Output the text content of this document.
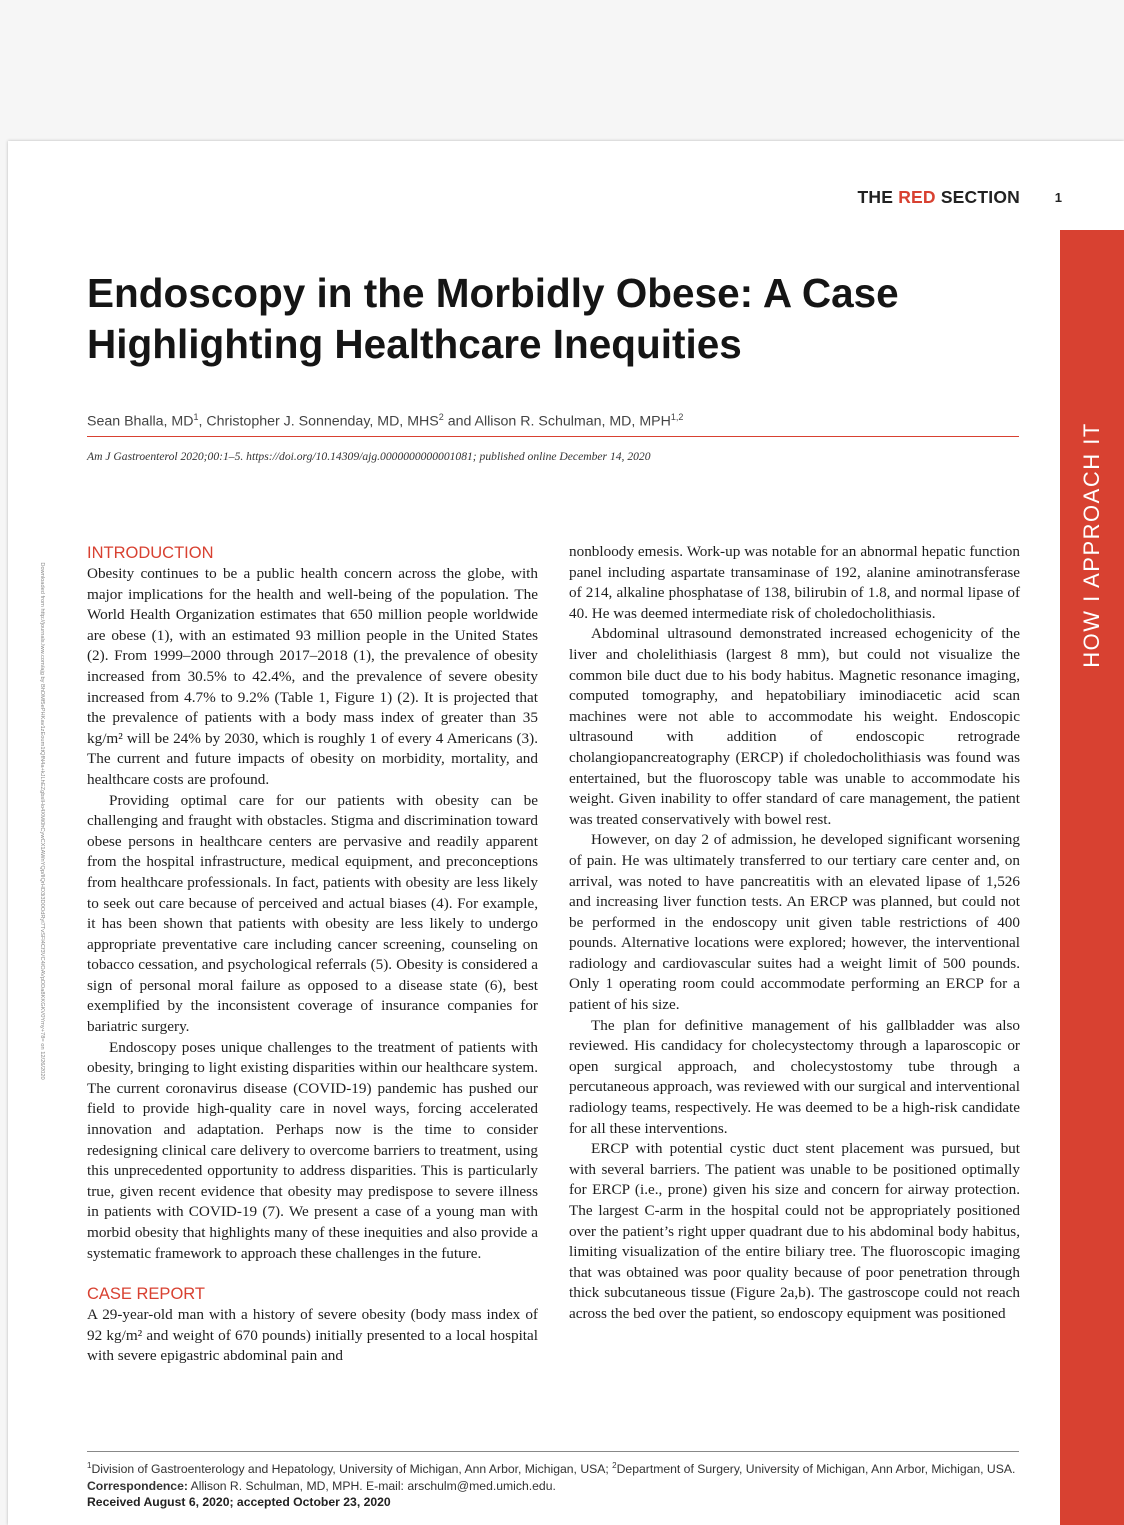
THE RED SECTION	1
HOW I APPROACH IT
Endoscopy in the Morbidly Obese: A Case Highlighting Healthcare Inequities
Sean Bhalla, $MD^1$, Christopher J. Sonnenday, MD, MHS$^2$ and Allison R. Schulman, MD, MPH$^{1,2}$
Am J Gastroenterol 2020;00:1–5. https://doi.org/10.14309/ajg.0000000000001081; published online December 14, 2020
Downloaded from http://journals.lww.com/ajg by BhDMf5ePHKav1zEoum1tQfN4a+kJLhEZgbsIHo4XMi0hCywCX1AWnYQp/IlQrHD3i3D0OdRyi7TvSFl4Cf3VC4/OAVpDDa8KKGKV0Ymy+78= on 12/26/2020
INTRODUCTION

Obesity continues to be a public health concern across the globe, with major implications for the health and well-being of the population. The World Health Organization estimates that 650 million people worldwide are obese (1), with an estimated 93 million people in the United States (2). From 1999–2000 through 2017–2018 (1), the prevalence of obesity increased from 30.5% to 42.4%, and the prevalence of severe obesity increased from 4.7% to 9.2% (Table 1, Figure 1) (2). It is projected that the prevalence of patients with a body mass index of greater than 35 kg/m² will be 24% by 2030, which is roughly 1 of every 4 Americans (3). The current and future impacts of obesity on morbidity, mortality, and healthcare costs are profound.

Providing optimal care for our patients with obesity can be challenging and fraught with obstacles. Stigma and discrimination toward obese persons in healthcare centers are pervasive and readily apparent from the hospital infrastructure, medical equipment, and preconceptions from healthcare professionals. In fact, patients with obesity are less likely to seek out care because of perceived and actual biases (4). For example, it has been shown that patients with obesity are less likely to undergo appropriate preventative care including cancer screening, counseling on tobacco cessation, and psychological referrals (5). Obesity is considered a sign of personal moral failure as opposed to a disease state (6), best exemplified by the inconsistent coverage of insurance companies for bariatric surgery.

Endoscopy poses unique challenges to the treatment of patients with obesity, bringing to light existing disparities within our healthcare system. The current coronavirus disease (COVID-19) pandemic has pushed our field to provide high-quality care in novel ways, forcing accelerated innovation and adaptation. Perhaps now is the time to consider redesigning clinical care delivery to overcome barriers to treatment, using this unprecedented opportunity to address disparities. This is particularly true, given recent evidence that obesity may predispose to severe illness in patients with COVID-19 (7). We present a case of a young man with morbid obesity that highlights many of these inequities and also provide a systematic framework to approach these challenges in the future.

CASE REPORT

A 29-year-old man with a history of severe obesity (body mass index of 92 kg/m² and weight of 670 pounds) initially presented to a local hospital with severe epigastric abdominal pain and

nonbloody emesis. Work-up was notable for an abnormal hepatic function panel including aspartate transaminase of 192, alanine aminotransferase of 214, alkaline phosphatase of 138, bilirubin of 1.8, and normal lipase of 40. He was deemed intermediate risk of choledocholithiasis.

Abdominal ultrasound demonstrated increased echogenicity of the liver and cholelithiasis (largest 8 mm), but could not visualize the common bile duct due to his body habitus. Magnetic resonance imaging, computed tomography, and hepatobiliary iminodiacetic acid scan machines were not able to accommodate his weight. Endoscopic ultrasound with addition of endoscopic retrograde cholangiopancreatography (ERCP) if choledocholithiasis was found was entertained, but the fluoroscopy table was unable to accommodate his weight. Given inability to offer standard of care management, the patient was treated conservatively with bowel rest.

However, on day 2 of admission, he developed significant worsening of pain. He was ultimately transferred to our tertiary care center and, on arrival, was noted to have pancreatitis with an elevated lipase of 1,526 and increasing liver function tests. An ERCP was planned, but could not be performed in the endoscopy unit given table restrictions of 400 pounds. Alternative locations were explored; however, the interventional radiology and cardiovascular suites had a weight limit of 500 pounds. Only 1 operating room could accommodate performing an ERCP for a patient of his size.

The plan for definitive management of his gallbladder was also reviewed. His candidacy for cholecystectomy through a laparoscopic or open surgical approach, and cholecystostomy tube through a percutaneous approach, was reviewed with our surgical and interventional radiology teams, respectively. He was deemed to be a high-risk candidate for all these interventions.

ERCP with potential cystic duct stent placement was pursued, but with several barriers. The patient was unable to be positioned optimally for ERCP (i.e., prone) given his size and concern for airway protection. The largest C-arm in the hospital could not be appropriately positioned over the patient’s right upper quadrant due to his abdominal body habitus, limiting visualization of the entire biliary tree. The fluoroscopic imaging that was obtained was poor quality because of poor penetration through thick subcutaneous tissue (Figure 2a,b). The gastroscope could not reach across the bed over the patient, so endoscopy equipment was positioned

$^1$Division of Gastroenterology and Hepatology, University of Michigan, Ann Arbor, Michigan, USA; $^2$Department of Surgery, University of Michigan, Ann Arbor, Michigan, USA. Correspondence: Allison R. Schulman, MD, MPH. E-mail: arschulm@med.umich.edu.
Received August 6, 2020; accepted October 23, 2020
